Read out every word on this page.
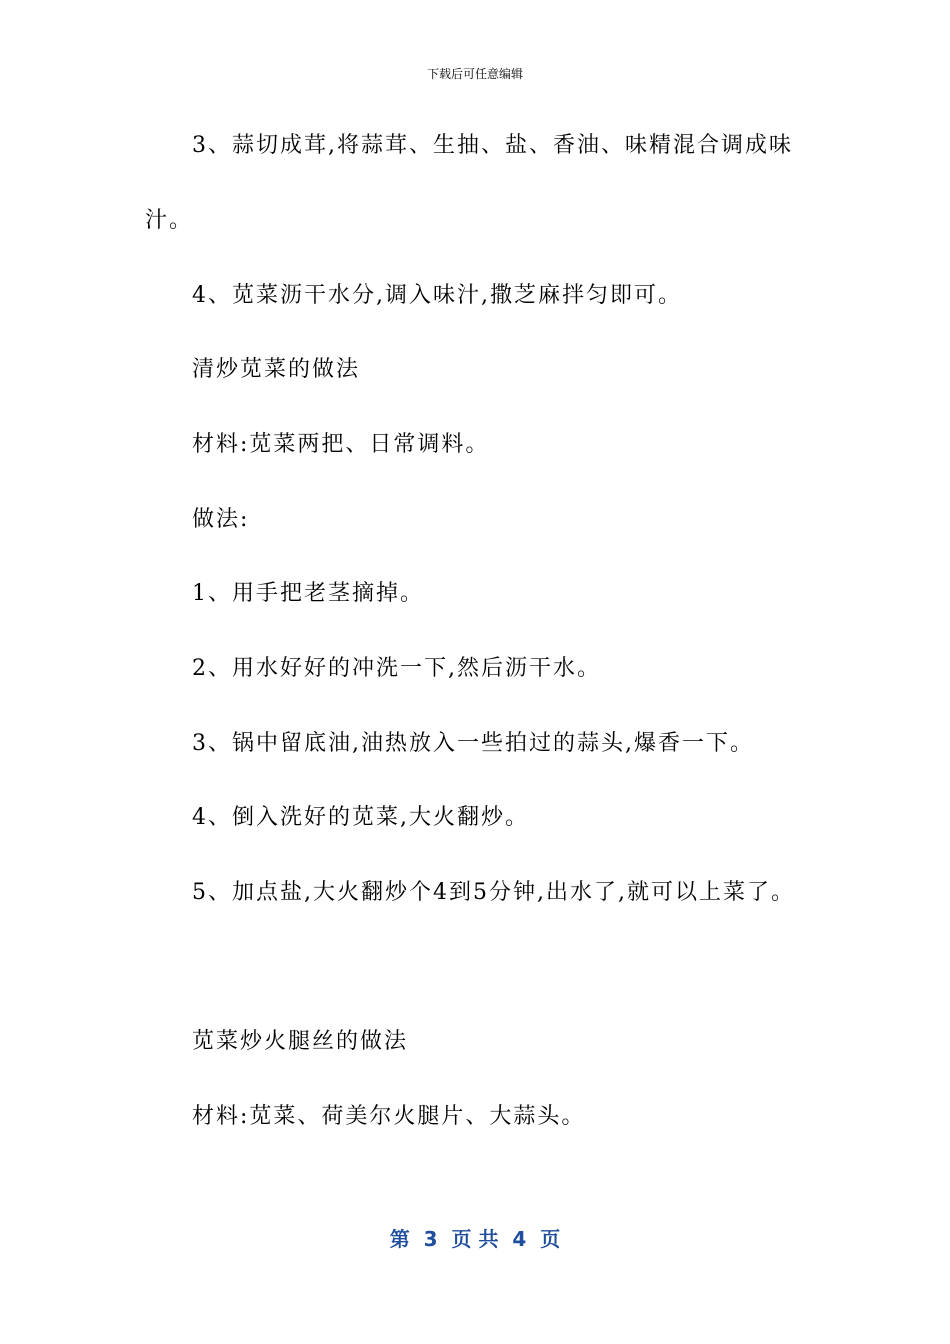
下载后可任意编辑
3、蒜切成茸,将蒜茸、生抽、盐、香油、味精混合调成味
汁。
4、苋菜沥干水分,调入味汁,撒芝麻拌匀即可。
清炒苋菜的做法
材料:苋菜两把、日常调料。
做法:
1、用手把老茎摘掉。
2、用水好好的冲洗一下,然后沥干水。
3、锅中留底油,油热放入一些拍过的蒜头,爆香一下。
4、倒入洗好的苋菜,大火翻炒。
5、加点盐,大火翻炒个4到5分钟,出水了,就可以上菜了。
苋菜炒火腿丝的做法
材料:苋菜、荷美尔火腿片、大蒜头。
第  3  页 共  4  页
